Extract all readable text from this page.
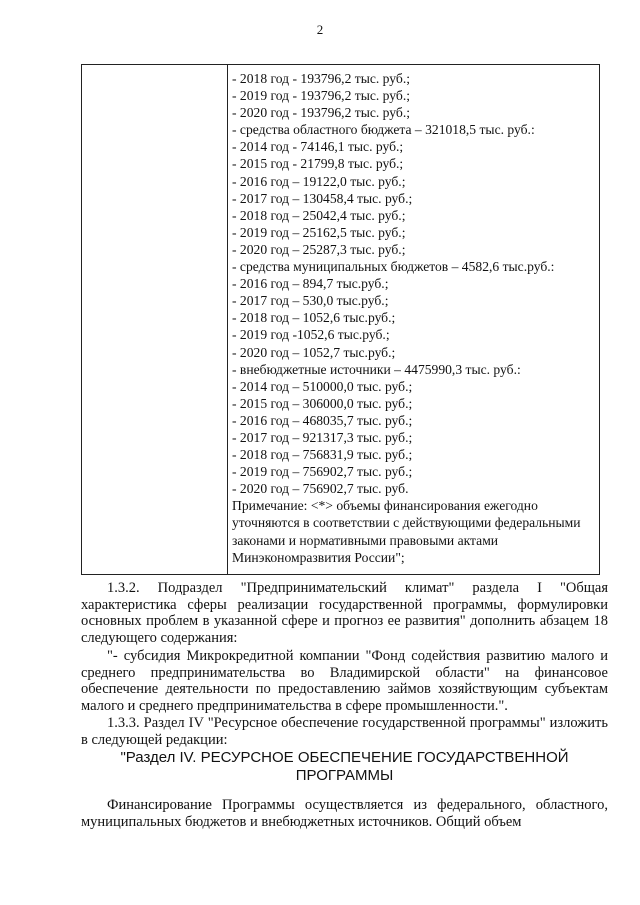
2
- 2018 год - 193796,2 тыс. руб.;
- 2019 год - 193796,2 тыс. руб.;
- 2020 год - 193796,2 тыс. руб.;
- средства областного бюджета – 321018,5 тыс. руб.:
- 2014 год - 74146,1 тыс. руб.;
- 2015 год - 21799,8 тыс. руб.;
- 2016 год – 19122,0 тыс. руб.;
- 2017 год – 130458,4 тыс. руб.;
- 2018 год – 25042,4 тыс. руб.;
- 2019 год – 25162,5 тыс. руб.;
- 2020 год – 25287,3 тыс. руб.;
- средства муниципальных бюджетов – 4582,6 тыс.руб.:
- 2016 год – 894,7 тыс.руб.;
- 2017 год – 530,0 тыс.руб.;
- 2018 год – 1052,6 тыс.руб.;
- 2019 год -1052,6 тыс.руб.;
- 2020 год – 1052,7 тыс.руб.;
- внебюджетные источники – 4475990,3 тыс. руб.:
- 2014 год – 510000,0 тыс. руб.;
- 2015 год – 306000,0 тыс. руб.;
- 2016 год – 468035,7 тыс. руб.;
- 2017 год – 921317,3 тыс. руб.;
- 2018 год – 756831,9 тыс. руб.;
- 2019 год – 756902,7 тыс. руб.;
- 2020 год – 756902,7 тыс. руб.
Примечание: <*> объемы финансирования ежегодно уточняются в соответствии с действующими федеральными законами и нормативными правовыми актами Минэкономразвития России";

1.3.2. Подраздел "Предпринимательский климат" раздела I "Общая характеристика сферы реализации государственной программы, формулировки основных проблем в указанной сфере и прогноз ее развития" дополнить абзацем 18 следующего содержания:

"- субсидия Микрокредитной компании "Фонд содействия развитию малого и среднего предпринимательства во Владимирской области" на финансовое обеспечение деятельности по предоставлению займов хозяйствующим субъектам малого и среднего предпринимательства в сфере промышленности.".

1.3.3. Раздел IV "Ресурсное обеспечение государственной программы" изложить в следующей редакции:

"Раздел IV. РЕСУРСНОЕ ОБЕСПЕЧЕНИЕ ГОСУДАРСТВЕННОЙ
ПРОГРАММЫ

Финансирование Программы осуществляется из федерального, областного, муниципальных бюджетов и внебюджетных источников. Общий объем
